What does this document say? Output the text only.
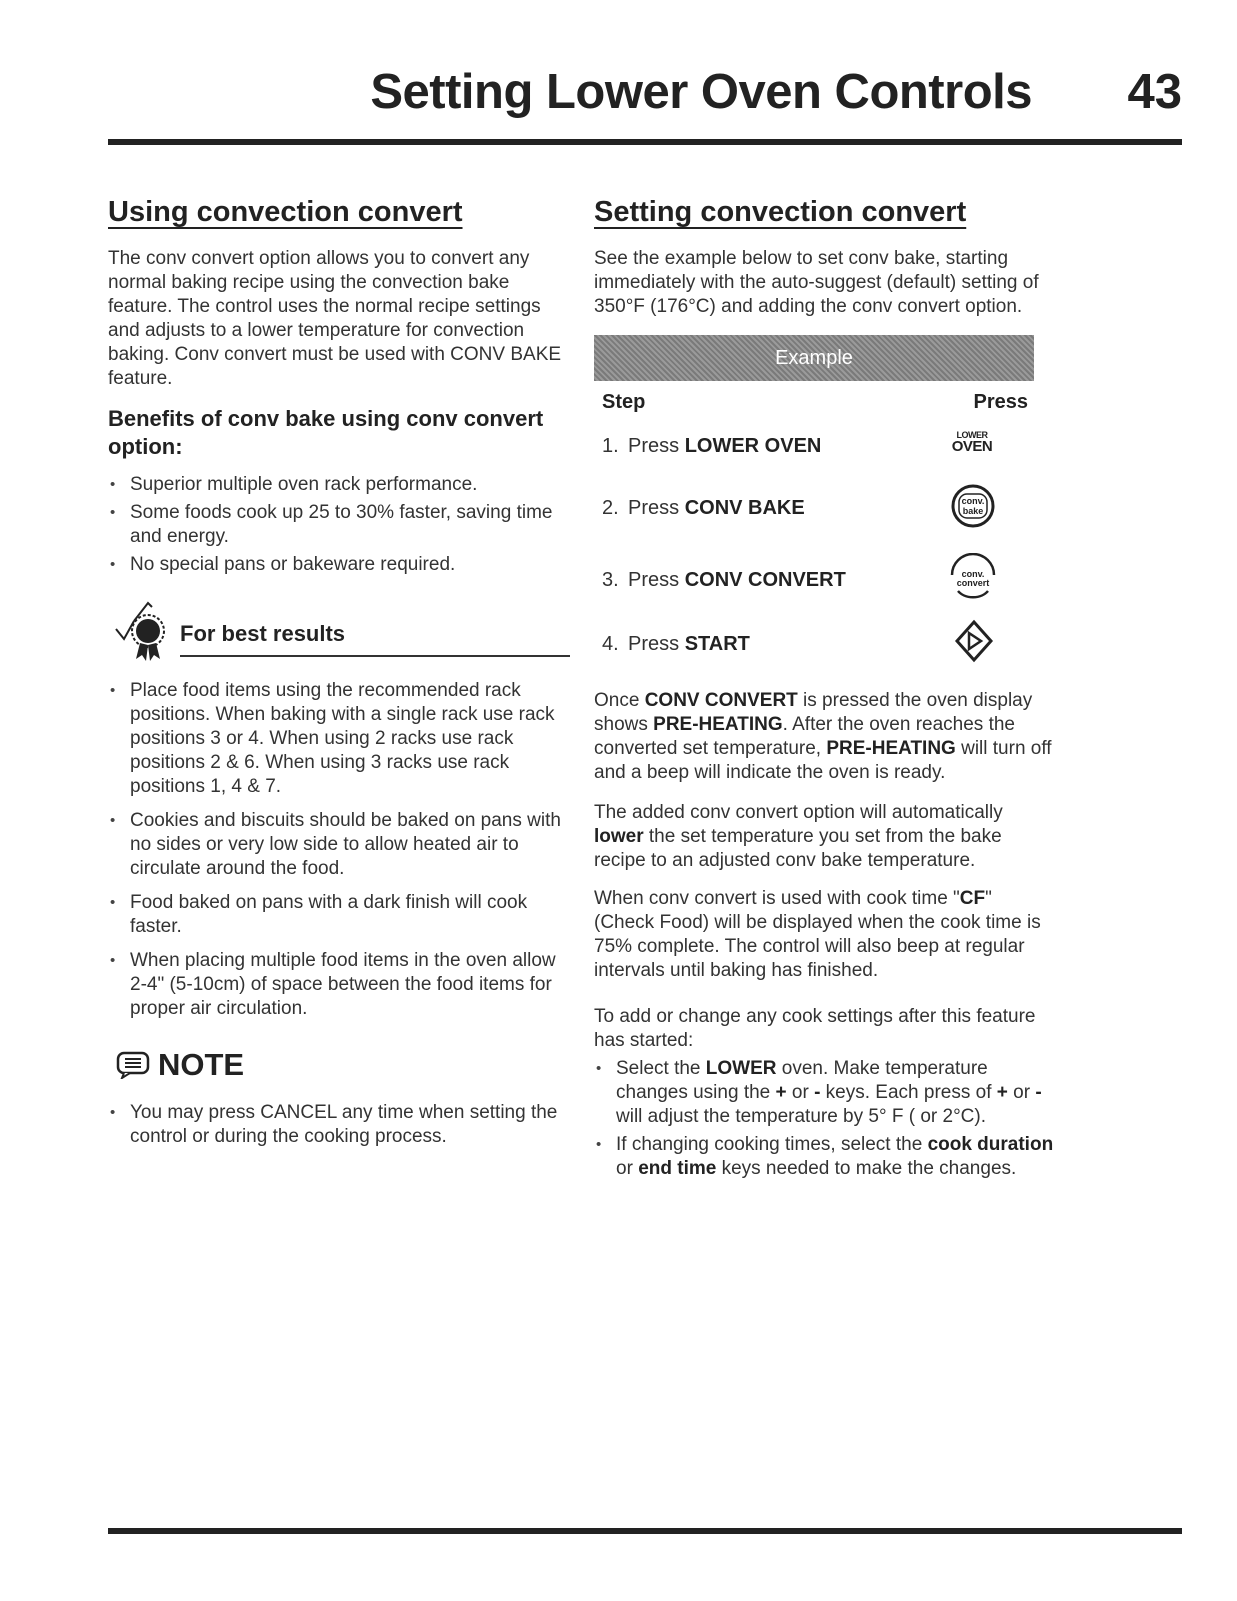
Setting Lower Oven Controls 43
Using convection convert

The conv convert option allows you to convert any normal baking recipe using the convection bake feature. The control uses the normal recipe settings and adjusts to a lower temperature for convection baking. Conv convert must be used with CONV BAKE feature.

Benefits of conv bake using conv convert option:
• Superior multiple oven rack performance.
• Some foods cook up 25 to 30% faster, saving time and energy.
• No special pans or bakeware required.
For best results
• Place food items using the recommended rack positions. When baking with a single rack use rack positions 3 or 4. When using 2 racks use rack positions 2 & 6. When using 3 racks use rack positions 1, 4 & 7.
• Cookies and biscuits should be baked on pans with no sides or very low side to allow heated air to circulate around the food.
• Food baked on pans with a dark finish will cook faster.
• When placing multiple food items in the oven allow 2-4" (5-10cm) of space between the food items for proper air circulation.
NOTE
• You may press CANCEL any time when setting the control or during the cooking process.
Setting convection convert

See the example below to set conv bake, starting immediately with the auto-suggest (default) setting of 350°F (176°C) and adding the conv convert option.

Example
Step	Press
1. Press LOWER OVEN	LOWER
OVEN
2. Press CONV BAKE	conv.
bake
3. Press CONV CONVERT	conv.
convert
4. Press START

Once CONV CONVERT is pressed the oven display shows PRE-HEATING. After the oven reaches the converted set temperature, PRE-HEATING will turn off and a beep will indicate the oven is ready.

The added conv convert option will automatically lower the set temperature you set from the bake recipe to an adjusted conv bake temperature.

When conv convert is used with cook time "CF" (Check Food) will be displayed when the cook time is 75% complete. The control will also beep at regular intervals until baking has finished.

To add or change any cook settings after this feature has started:

• Select the LOWER oven. Make temperature changes using the + or - keys. Each press of + or - will adjust the temperature by 5° F ( or 2°C).
• If changing cooking times, select the cook duration or end time keys needed to make the changes.
